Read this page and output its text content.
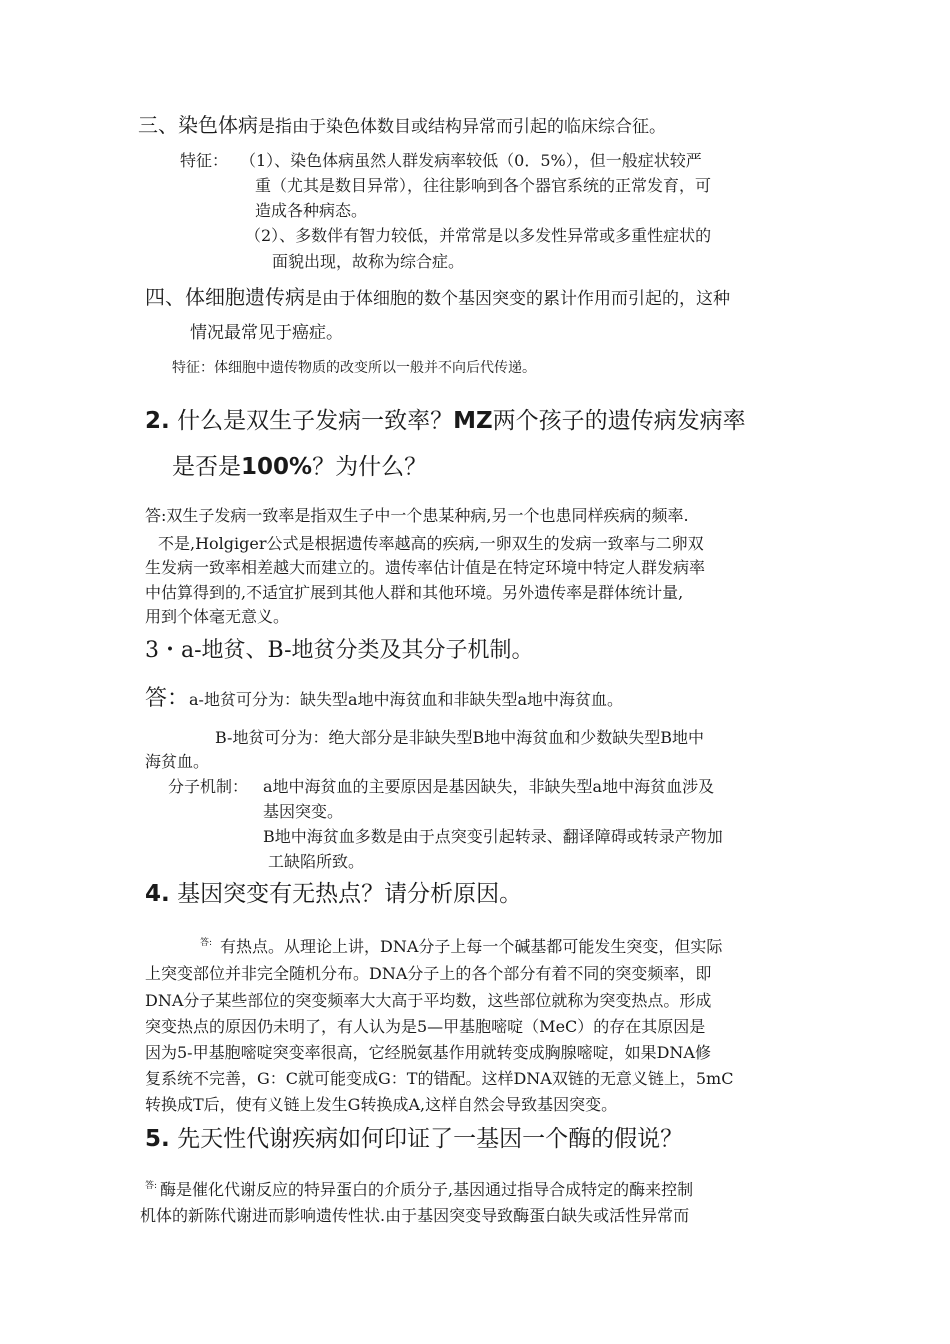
三、染色体病是指由于染色体数目或结构异常而引起的临床综合征。
特征： （1）、染色体病虽然人群发病率较低（0．5%），但一般症状较严
重（尤其是数目异常），往往影响到各个器官系统的正常发育，可
造成各种病态。
（2）、多数伴有智力较低，并常常是以多发性异常或多重性症状的
面貌出现，故称为综合症。
四、体细胞遗传病是由于体细胞的数个基因突变的累计作用而引起的，这种
情况最常见于癌症。
特征：体细胞中遗传物质的改变所以一般并不向后代传递。
2. 什么是双生子发病一致率？MZ两个孩子的遗传病发病率
是否是100%？为什么？
答:双生子发病一致率是指双生子中一个患某种病,另一个也患同样疾病的频率.
不是,Holgiger公式是根据遗传率越高的疾病,一卵双生的发病一致率与二卵双
生发病一致率相差越大而建立的。遗传率估计值是在特定环境中特定人群发病率
中估算得到的,不适宜扩展到其他人群和其他环境。另外遗传率是群体统计量,
用到个体毫无意义。
3・a-地贫、B-地贫分类及其分子机制。
答：a-地贫可分为：缺失型a地中海贫血和非缺失型a地中海贫血。
B-地贫可分为：绝大部分是非缺失型B地中海贫血和少数缺失型B地中
海贫血。
分子机制： a地中海贫血的主要原因是基因缺失，非缺失型a地中海贫血涉及
基因突变。
B地中海贫血多数是由于点突变引起转录、翻译障碍或转录产物加
工缺陷所致。
4. 基因突变有无热点？请分析原因。
答: 有热点。从理论上讲，DNA分子上每一个碱基都可能发生突变，但实际
上突变部位并非完全随机分布。DNA分子上的各个部分有着不同的突变频率，即
DNA分子某些部位的突变频率大大高于平均数，这些部位就称为突变热点。形成
突变热点的原因仍未明了，有人认为是5—甲基胞嘧啶（MeC）的存在其原因是
因为5-甲基胞嘧啶突变率很高，它经脱氨基作用就转变成胸腺嘧啶，如果DNA修
复系统不完善，G：C就可能变成G：T的错配。这样DNA双链的无意义链上，5mC
转换成T后，使有义链上发生G转换成A,这样自然会导致基因突变。
5. 先天性代谢疾病如何印证了一基因一个酶的假说？
答: 酶是催化代谢反应的特异蛋白的介质分子,基因通过指导合成特定的酶来控制
机体的新陈代谢进而影响遗传性状.由于基因突变导致酶蛋白缺失或活性异常而
